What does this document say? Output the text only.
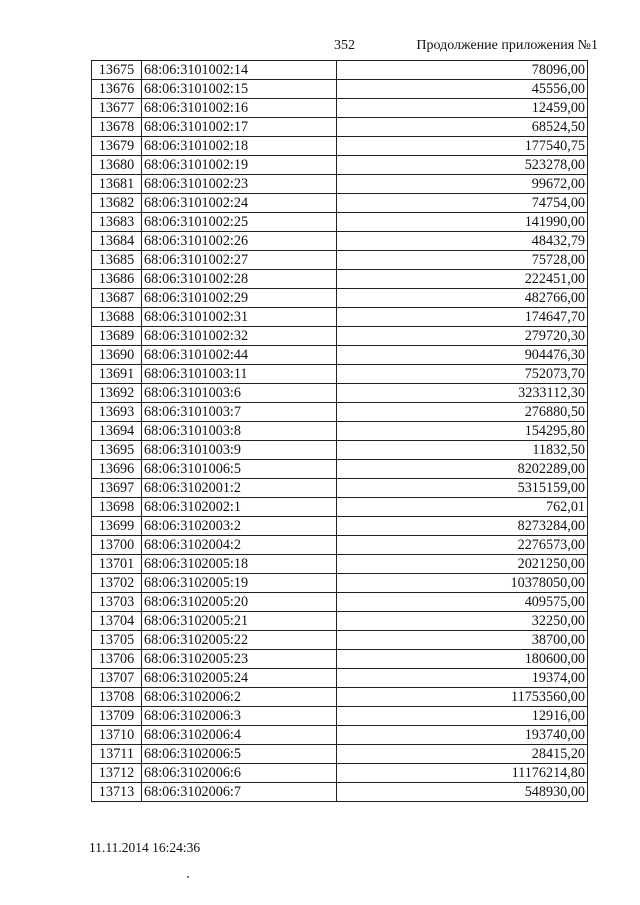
352	Продолжение приложения №1
13675	68:06:3101002:14	78096,00
13676	68:06:3101002:15	45556,00
13677	68:06:3101002:16	12459,00
13678	68:06:3101002:17	68524,50
13679	68:06:3101002:18	177540,75
13680	68:06:3101002:19	523278,00
13681	68:06:3101002:23	99672,00
13682	68:06:3101002:24	74754,00
13683	68:06:3101002:25	141990,00
13684	68:06:3101002:26	48432,79
13685	68:06:3101002:27	75728,00
13686	68:06:3101002:28	222451,00
13687	68:06:3101002:29	482766,00
13688	68:06:3101002:31	174647,70
13689	68:06:3101002:32	279720,30
13690	68:06:3101002:44	904476,30
13691	68:06:3101003:11	752073,70
13692	68:06:3101003:6	3233112,30
13693	68:06:3101003:7	276880,50
13694	68:06:3101003:8	154295,80
13695	68:06:3101003:9	11832,50
13696	68:06:3101006:5	8202289,00
13697	68:06:3102001:2	5315159,00
13698	68:06:3102002:1	762,01
13699	68:06:3102003:2	8273284,00
13700	68:06:3102004:2	2276573,00
13701	68:06:3102005:18	2021250,00
13702	68:06:3102005:19	10378050,00
13703	68:06:3102005:20	409575,00
13704	68:06:3102005:21	32250,00
13705	68:06:3102005:22	38700,00
13706	68:06:3102005:23	180600,00
13707	68:06:3102005:24	19374,00
13708	68:06:3102006:2	11753560,00
13709	68:06:3102006:3	12916,00
13710	68:06:3102006:4	193740,00
13711	68:06:3102006:5	28415,20
13712	68:06:3102006:6	11176214,80
13713	68:06:3102006:7	548930,00
11.11.2014 16:24:36
